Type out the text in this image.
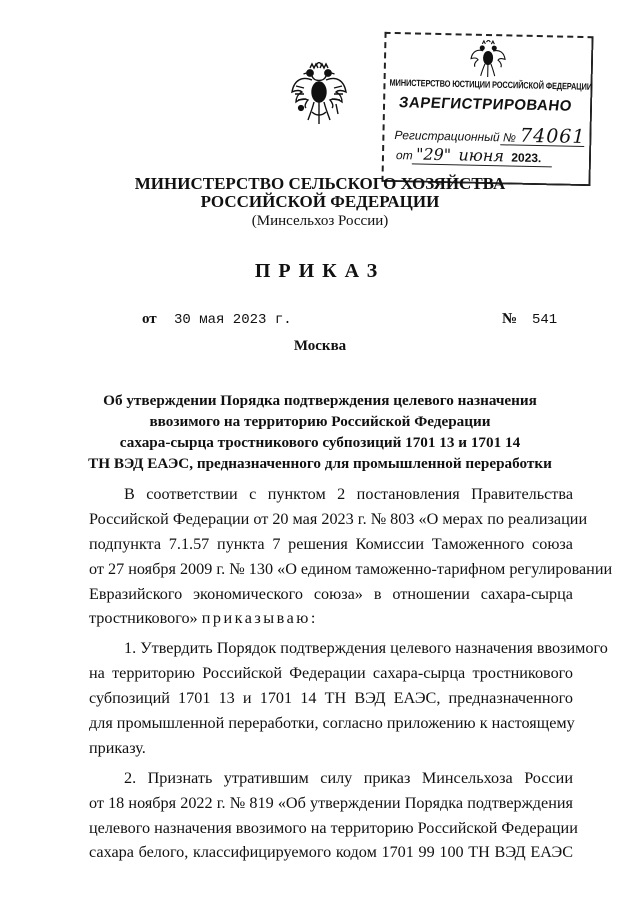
МИНИСТЕРСТВО ЮСТИЦИИ РОССИЙСКОЙ ФЕДЕРАЦИИ
ЗАРЕГИСТРИРОВАНО
Регистрационный № 74061
от "29" июня 2023.
МИНИСТЕРСТВО СЕЛЬСКОГО ХОЗЯЙСТВА
РОССИЙСКОЙ ФЕДЕРАЦИИ
(Минсельхоз России)
ПРИКАЗ
от 30 мая 2023 г.	№ 541
Москва
Об утверждении Порядка подтверждения целевого назначения
ввозимого на территорию Российской Федерации
сахара-сырца тростникового субпозиций 1701 13 и 1701 14
ТН ВЭД ЕАЭС, предназначенного для промышленной переработки
В соответствии с пунктом 2 постановления Правительства
Российской Федерации от 20 мая 2023 г. № 803 «О мерах по реализации
подпункта 7.1.57 пункта 7 решения Комиссии Таможенного союза
от 27 ноября 2009 г. № 130 «О едином таможенно-тарифном регулировании
Евразийского экономического союза» в отношении сахара-сырца
тростникового» приказываю:
1. Утвердить Порядок подтверждения целевого назначения ввозимого
на территорию Российской Федерации сахара-сырца тростникового
субпозиций 1701 13 и 1701 14 ТН ВЭД ЕАЭС, предназначенного
для промышленной переработки, согласно приложению к настоящему
приказу.
2. Признать утратившим силу приказ Минсельхоза России
от 18 ноября 2022 г. № 819 «Об утверждении Порядка подтверждения
целевого назначения ввозимого на территорию Российской Федерации
сахара белого, классифицируемого кодом 1701 99 100 ТН ВЭД ЕАЭС
